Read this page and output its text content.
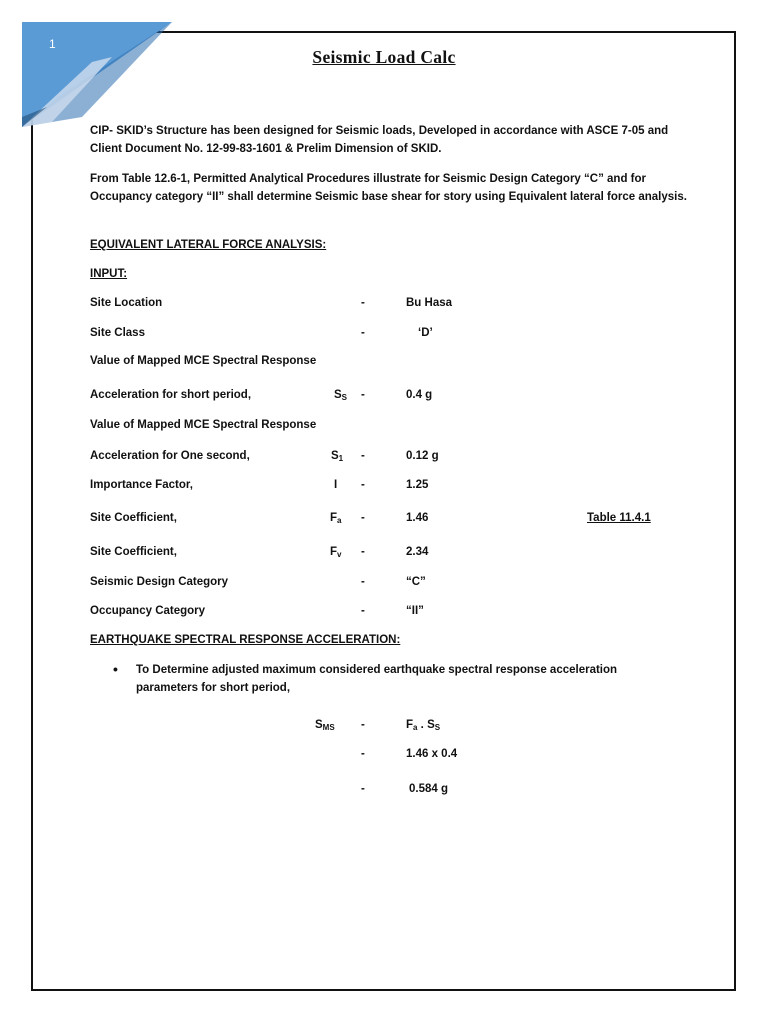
1
Seismic Load Calc
CIP- SKID’s Structure has been designed for Seismic loads, Developed in accordance with ASCE 7-05 and Client Document No. 12-99-83-1601 & Prelim Dimension of SKID.
From Table 12.6-1, Permitted Analytical Procedures illustrate for Seismic Design Category “C” and for Occupancy category “II” shall determine Seismic base shear for story using Equivalent lateral force analysis.
EQUIVALENT LATERAL FORCE ANALYSIS:
INPUT:
Site Location	-	Bu Hasa
Site Class	-	‘D’
Value of Mapped MCE Spectral Response
Acceleration for short period,	$S_S$ -	0.4 g
Value of Mapped MCE Spectral Response
Acceleration for One second,	$S_1$ -	0.12 g
Importance Factor,	I -	1.25
Site Coefficient,	$F_a$ -	1.46	Table 11.4.1
Site Coefficient,	$F_v$ -	2.34
Seismic Design Category	-	“C”
Occupancy Category	-	“II”
EARTHQUAKE SPECTRAL RESPONSE ACCELERATION:
• To Determine adjusted maximum considered earthquake spectral response acceleration parameters for short period,
$S_{MS}$ -	$F_a$ . $S_S$
-	1.46 x 0.4
-	0.584 g
